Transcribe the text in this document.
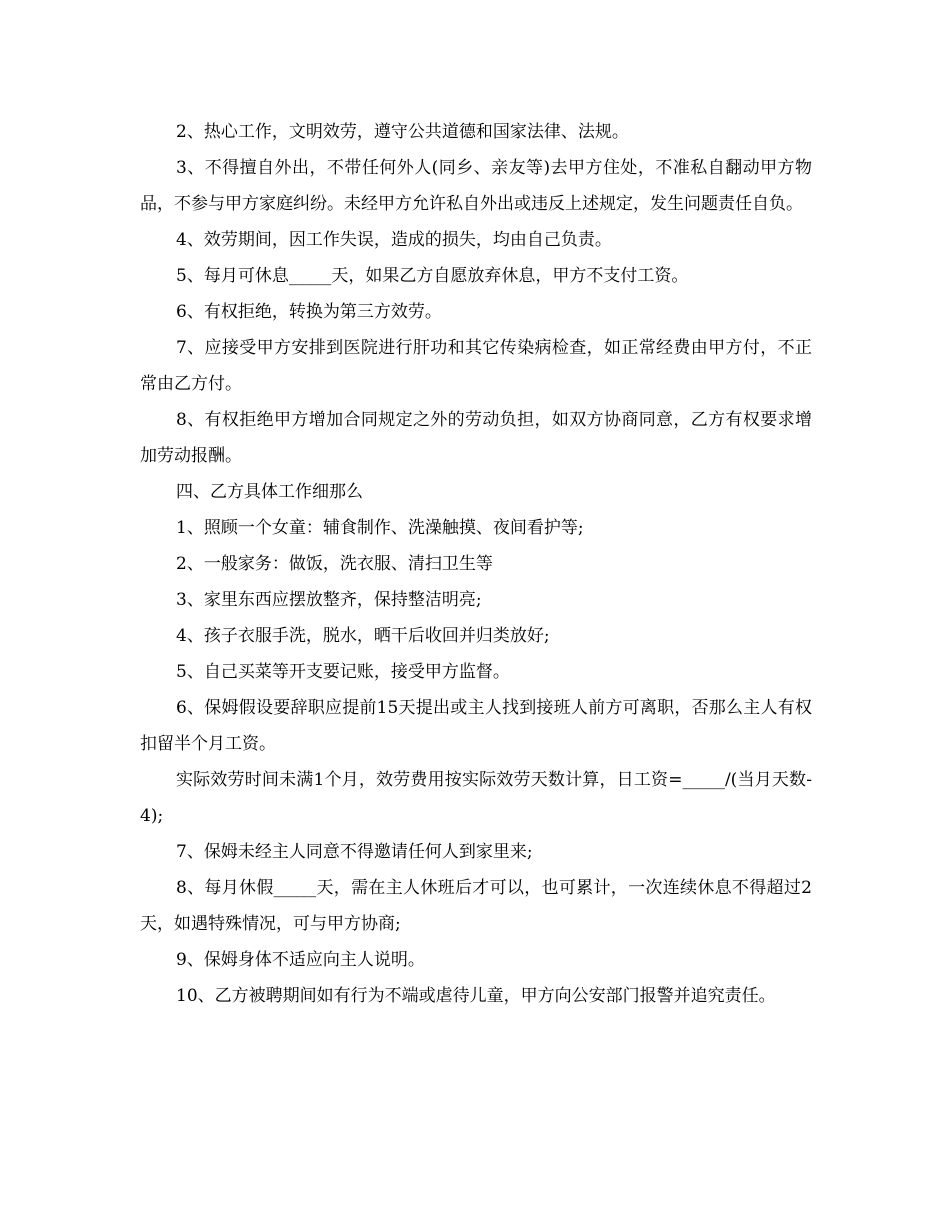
2、热心工作，文明效劳，遵守公共道德和国家法律、法规。

3、不得擅自外出，不带任何外人(同乡、亲友等)去甲方住处，不准私自翻动甲方物品，不参与甲方家庭纠纷。未经甲方允许私自外出或违反上述规定，发生问题责任自负。

4、效劳期间，因工作失误，造成的损失，均由自己负责。

5、每月可休息_____天，如果乙方自愿放弃休息，甲方不支付工资。

6、有权拒绝，转换为第三方效劳。

7、应接受甲方安排到医院进行肝功和其它传染病检查，如正常经费由甲方付，不正常由乙方付。

8、有权拒绝甲方增加合同规定之外的劳动负担，如双方协商同意，乙方有权要求增加劳动报酬。

四、乙方具体工作细那么

1、照顾一个女童：辅食制作、洗澡触摸、夜间看护等;

2、一般家务：做饭，洗衣服、清扫卫生等

3、家里东西应摆放整齐，保持整洁明亮;

4、孩子衣服手洗，脱水，晒干后收回并归类放好;

5、自己买菜等开支要记账，接受甲方监督。

6、保姆假设要辞职应提前15天提出或主人找到接班人前方可离职，否那么主人有权扣留半个月工资。

实际效劳时间未满1个月，效劳费用按实际效劳天数计算，日工资=_____/(当月天数-4);

7、保姆未经主人同意不得邀请任何人到家里来;

8、每月休假_____天，需在主人休班后才可以，也可累计，一次连续休息不得超过2天，如遇特殊情况，可与甲方协商;

9、保姆身体不适应向主人说明。

10、乙方被聘期间如有行为不端或虐待儿童，甲方向公安部门报警并追究责任。
